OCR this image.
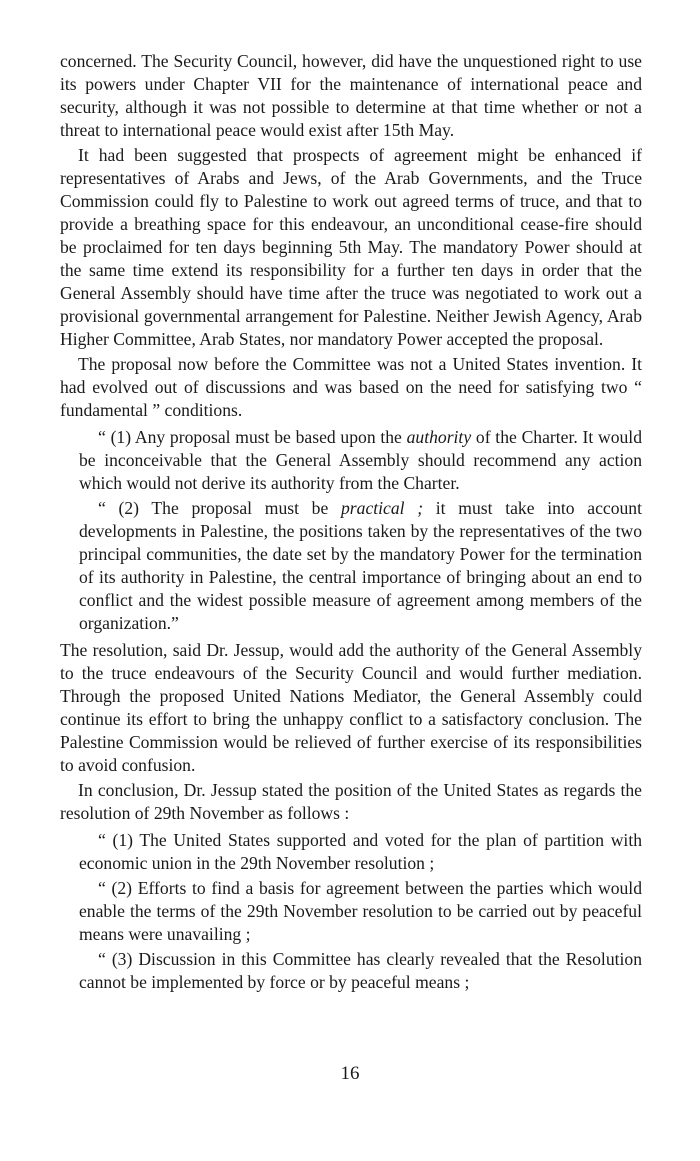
concerned. The Security Council, however, did have the unquestioned right to use its powers under Chapter VII for the maintenance of international peace and security, although it was not possible to determine at that time whether or not a threat to international peace would exist after 15th May.

It had been suggested that prospects of agreement might be enhanced if representatives of Arabs and Jews, of the Arab Governments, and the Truce Commission could fly to Palestine to work out agreed terms of truce, and that to provide a breathing space for this endeavour, an unconditional cease-fire should be proclaimed for ten days beginning 5th May. The mandatory Power should at the same time extend its responsibility for a further ten days in order that the General Assembly should have time after the truce was negotiated to work out a provisional governmental arrangement for Palestine. Neither Jewish Agency, Arab Higher Committee, Arab States, nor mandatory Power accepted the proposal.

The proposal now before the Committee was not a United States invention. It had evolved out of discussions and was based on the need for satisfying two “ fundamental ” conditions.

“ (1) Any proposal must be based upon the authority of the Charter. It would be inconceivable that the General Assembly should recommend any action which would not derive its authority from the Charter.

“ (2) The proposal must be practical ; it must take into account developments in Palestine, the positions taken by the representatives of the two principal communities, the date set by the mandatory Power for the termination of its authority in Palestine, the central importance of bringing about an end to conflict and the widest possible measure of agreement among members of the organization.”

The resolution, said Dr. Jessup, would add the authority of the General Assembly to the truce endeavours of the Security Council and would further mediation. Through the proposed United Nations Mediator, the General Assembly could continue its effort to bring the unhappy conflict to a satisfactory conclusion. The Palestine Commission would be relieved of further exercise of its responsibilities to avoid confusion.

In conclusion, Dr. Jessup stated the position of the United States as regards the resolution of 29th November as follows :

“ (1) The United States supported and voted for the plan of partition with economic union in the 29th November resolution ;

“ (2) Efforts to find a basis for agreement between the parties which would enable the terms of the 29th November resolution to be carried out by peaceful means were unavailing ;

“ (3) Discussion in this Committee has clearly revealed that the Resolution cannot be implemented by force or by peaceful means ;

16
